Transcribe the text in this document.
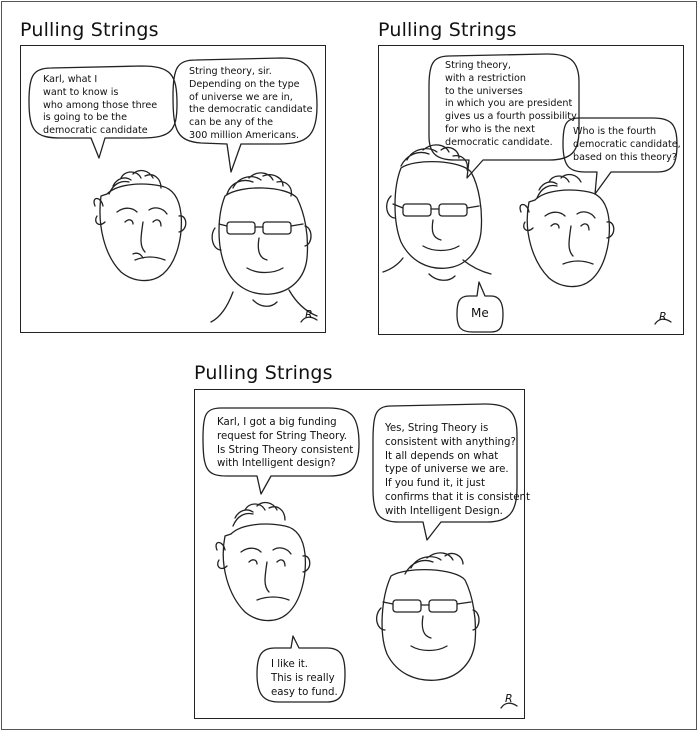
Pulling Strings
Karl, what I
want to know is
who among those three
is going to be the
democratic candidate
String theory, sir.
Depending on the type
of universe we are in,
the democratic candidate
can be any of the
300 million Americans.
R
Pulling Strings
String theory,
with a restriction
to the universes
in which you are president
gives us a fourth possibility
for who is the next
democratic candidate.
Who is the fourth
democratic candidate,
based on this theory?
Me	R
Pulling Strings
Karl, I got a big funding
request for String Theory.
Is String Theory consistent
with Intelligent design?
Yes, String Theory is
consistent with anything?
It all depends on what
type of universe we are.
If you fund it, it just
confirms that it is consistent
with Intelligent Design.
I like it.
This is really
easy to fund.	R
